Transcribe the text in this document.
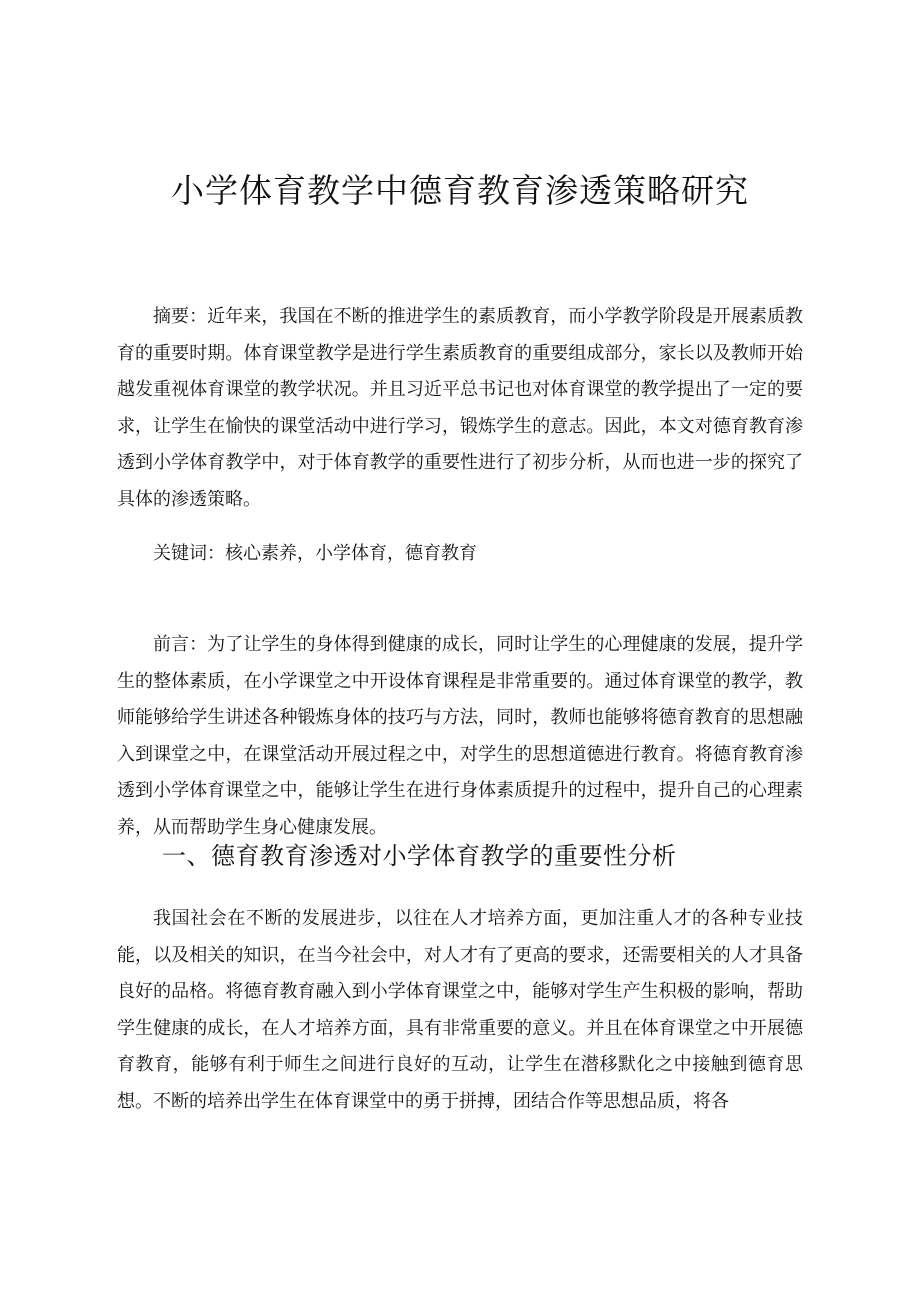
小学体育教学中德育教育渗透策略研究

摘要：近年来，我国在不断的推进学生的素质教育，而小学教学阶段是开展素质教育的重要时期。体育课堂教学是进行学生素质教育的重要组成部分，家长以及教师开始越发重视体育课堂的教学状况。并且习近平总书记也对体育课堂的教学提出了一定的要求，让学生在愉快的课堂活动中进行学习，锻炼学生的意志。因此，本文对德育教育渗透到小学体育教学中，对于体育教学的重要性进行了初步分析，从而也进一步的探究了具体的渗透策略。

关键词：核心素养，小学体育，德育教育

前言：为了让学生的身体得到健康的成长，同时让学生的心理健康的发展，提升学生的整体素质，在小学课堂之中开设体育课程是非常重要的。通过体育课堂的教学，教师能够给学生讲述各种锻炼身体的技巧与方法，同时，教师也能够将德育教育的思想融入到课堂之中，在课堂活动开展过程之中，对学生的思想道德进行教育。将德育教育渗透到小学体育课堂之中，能够让学生在进行身体素质提升的过程中，提升自己的心理素养，从而帮助学生身心健康发展。

一、德育教育渗透对小学体育教学的重要性分析

我国社会在不断的发展进步，以往在人才培养方面，更加注重人才的各种专业技能，以及相关的知识，在当今社会中，对人才有了更高的要求，还需要相关的人才具备良好的品格。将德育教育融入到小学体育课堂之中，能够对学生产生积极的影响，帮助学生健康的成长，在人才培养方面，具有非常重要的意义。并且在体育课堂之中开展德育教育，能够有利于师生之间进行良好的互动，让学生在潜移默化之中接触到德育思想。不断的培养出学生在体育课堂中的勇于拼搏，团结合作等思想品质，将各
